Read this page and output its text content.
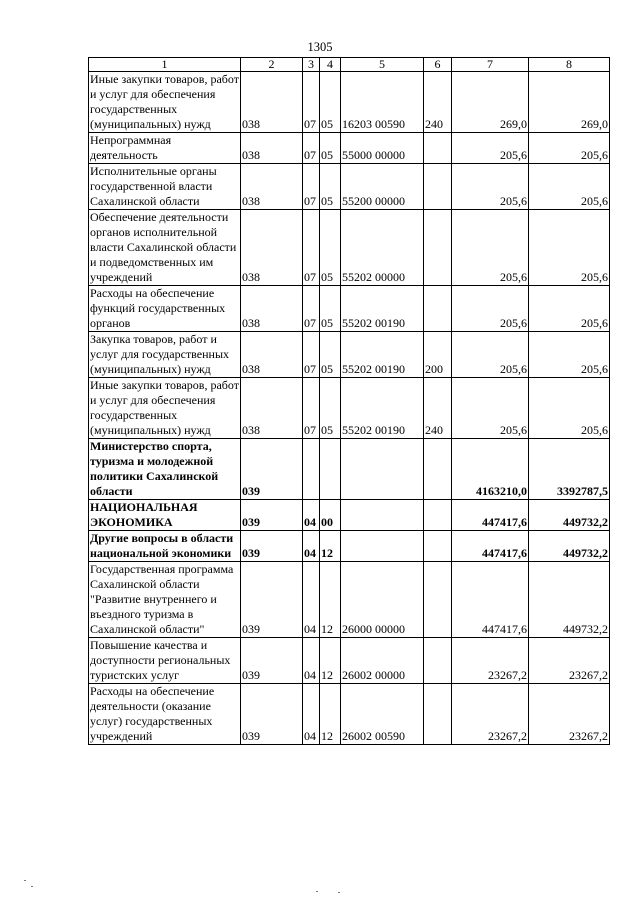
1305
1	2	3	4	5	6	7	8
Иные закупки товаров, работ и услуг для обеспечения государственных (муниципальных) нужд	038	07	05	16203 00590	240	269,0	269,0
Непрограммная деятельность	038	07	05	55000 00000		205,6	205,6
Исполнительные органы государственной власти Сахалинской области	038	07	05	55200 00000		205,6	205,6
Обеспечение деятельности органов исполнительной власти Сахалинской области и подведомственных им учреждений	038	07	05	55202 00000		205,6	205,6
Расходы на обеспечение функций государственных органов	038	07	05	55202 00190		205,6	205,6
Закупка товаров, работ и услуг для государственных (муниципальных) нужд	038	07	05	55202 00190	200	205,6	205,6
Иные закупки товаров, работ и услуг для обеспечения государственных (муниципальных) нужд	038	07	05	55202 00190	240	205,6	205,6
Министерство спорта, туризма и молодежной политики Сахалинской области	039					4163210,0	3392787,5
НАЦИОНАЛЬНАЯ ЭКОНОМИКА	039	04	00			447417,6	449732,2
Другие вопросы в области национальной экономики	039	04	12			447417,6	449732,2
Государственная программа Сахалинской области "Развитие внутреннего и въездного туризма в Сахалинской области"	039	04	12	26000 00000		447417,6	449732,2
Повышение качества и доступности региональных туристских услуг	039	04	12	26002 00000		23267,2	23267,2
Расходы на обеспечение деятельности (оказание услуг) государственных учреждений	039	04	12	26002 00590		23267,2	23267,2
